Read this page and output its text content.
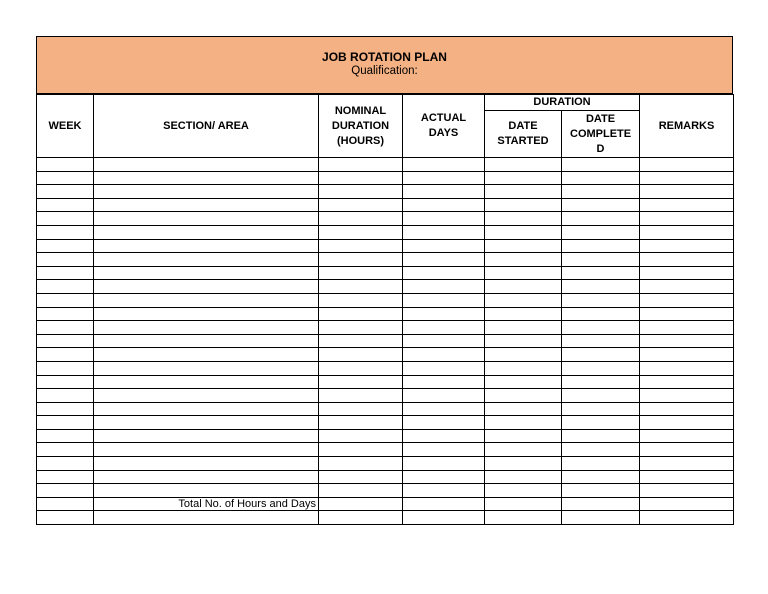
JOB ROTATION PLAN
Qualification:
WEEK	SECTION/ AREA	NOMINAL DURATION (HOURS)	ACTUAL DAYS	DURATION		REMARKS
				DATE STARTED	DATE COMPLETE D	

	Total No. of Hours and Days					
